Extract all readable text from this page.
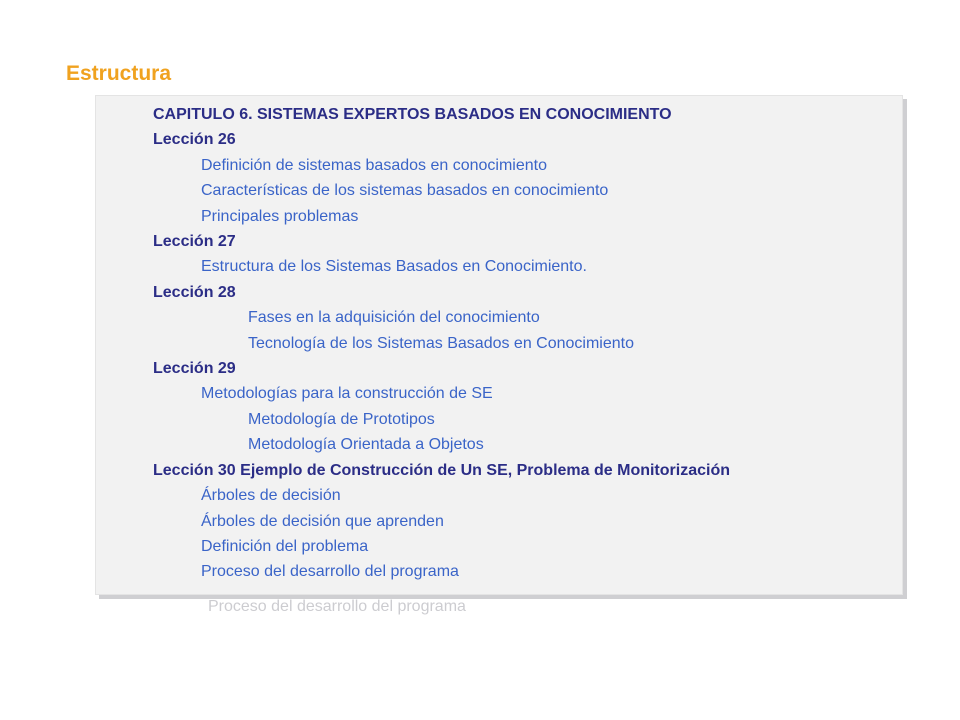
Estructura
CAPITULO 6. SISTEMAS EXPERTOS BASADOS EN CONOCIMIENTO
Lección 26
Definición de sistemas basados en conocimiento
Características de los sistemas basados en conocimiento
Principales problemas
Lección 27
Estructura de los Sistemas Basados en Conocimiento.
Lección 28
Fases en la adquisición del conocimiento
Tecnología de los Sistemas Basados en Conocimiento
Lección 29
Metodologías para la construcción de SE
Metodología de Prototipos
Metodología Orientada a Objetos
Lección 30 Ejemplo de Construcción de Un SE, Problema de Monitorización
Árboles de decisión
Árboles de decisión que aprenden
Definición del problema
Proceso del desarrollo del programa
Proceso del desarrollo del programa
